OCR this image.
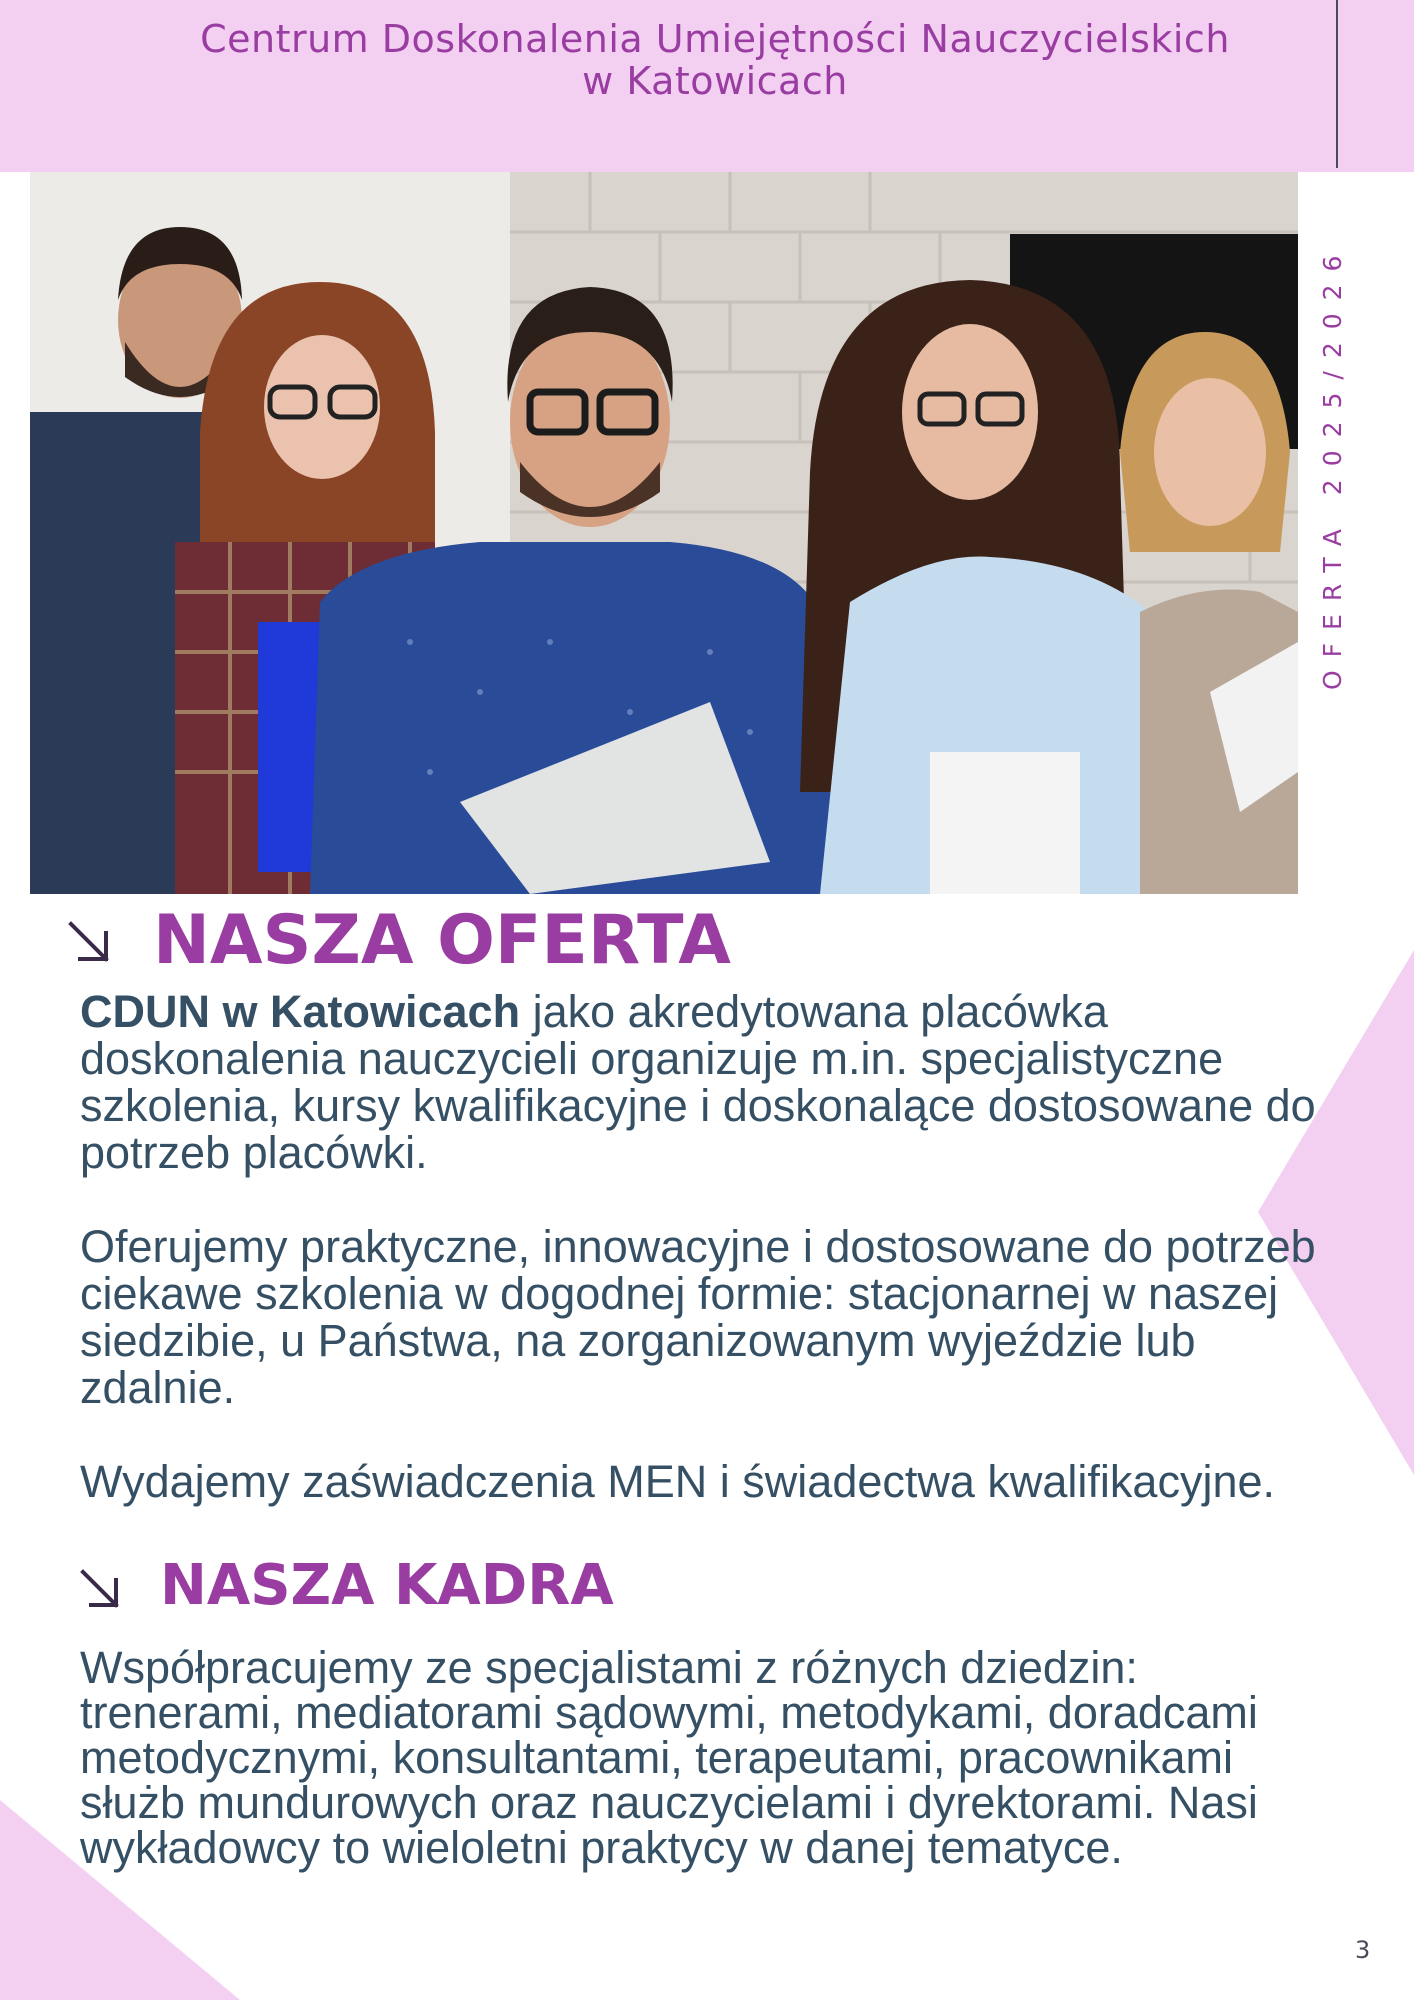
Centrum Doskonalenia Umiejętności Nauczycielskich
w Katowicach
OFERTA 2025/2026
NASZA OFERTA

CDUN w Katowicach jako akredytowana placówka doskonalenia nauczycieli organizuje m.in. specjalistyczne szkolenia, kursy kwalifikacyjne i doskonalące dostosowane do potrzeb placówki.

Oferujemy praktyczne, innowacyjne i dostosowane do potrzeb ciekawe szkolenia w dogodnej formie: stacjonarnej w naszej siedzibie, u Państwa, na zorganizowanym wyjeździe lub zdalnie.

Wydajemy zaświadczenia MEN i świadectwa kwalifikacyjne.

NASZA KADRA

Współpracujemy ze specjalistami z różnych dziedzin: trenerami, mediatorami sądowymi, metodykami, doradcami metodycznymi, konsultantami, terapeutami, pracownikami służb mundurowych oraz nauczycielami i dyrektorami. Nasi wykładowcy to wieloletni praktycy w danej tematyce.

3
